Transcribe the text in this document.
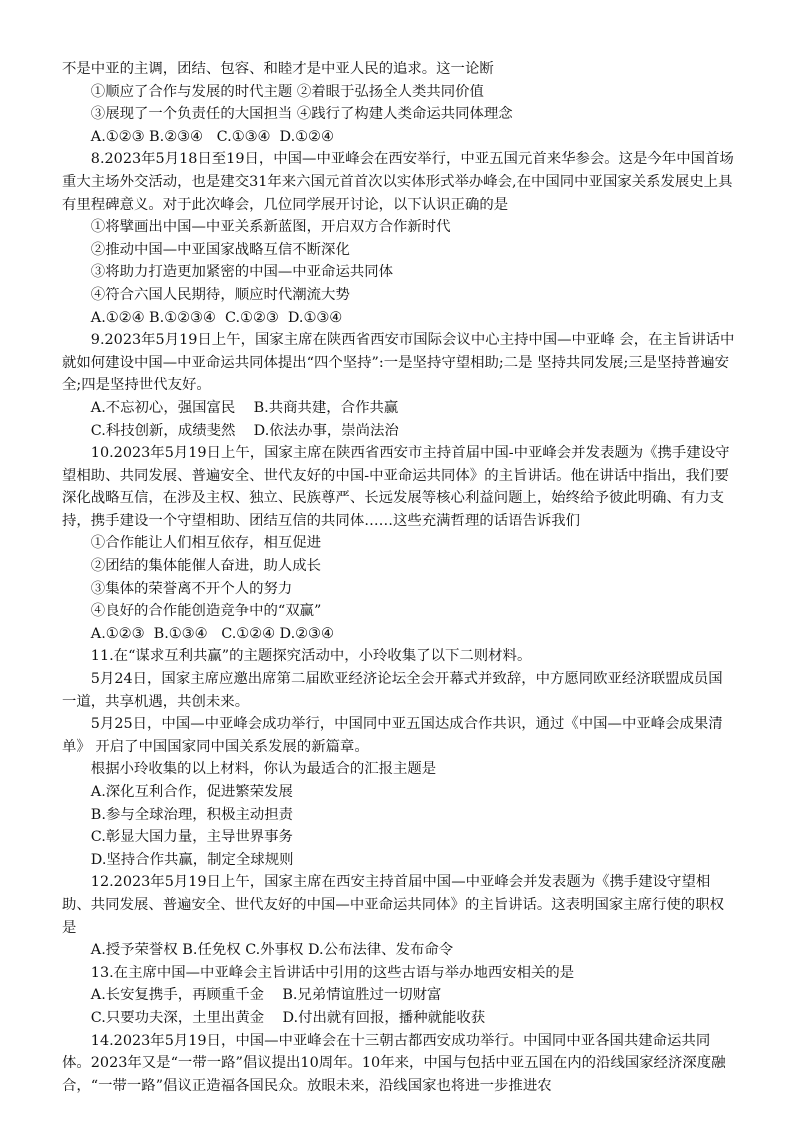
不是中亚的主调，团结、包容、和睦才是中亚人民的追求。这一论断

①顺应了合作与发展的时代主题 ②着眼于弘扬全人类共同价值

③展现了一个负责任的大国担当 ④践行了构建人类命运共同体理念

A.①②③ B.②③④   C.①③④  D.①②④

8.2023年5月18日至19日，中国—中亚峰会在西安举行，中亚五国元首来华参会。这是今年中国首场重大主场外交活动，也是建交31年来六国元首首次以实体形式举办峰会,在中国同中亚国家关系发展史上具有里程碑意义。对于此次峰会，几位同学展开讨论，以下认识正确的是

①将擘画出中国—中亚关系新蓝图，开启双方合作新时代

②推动中国—中亚国家战略互信不断深化

③将助力打造更加紧密的中国—中亚命运共同体

④符合六国人民期待，顺应时代潮流大势

A.①②④ B.①②③④  C.①②③  D.①③④

9.2023年5月19日上午，国家主席在陕西省西安市国际会议中心主持中国—中亚峰 会，在主旨讲话中就如何建设中国—中亚命运共同体提出“四个坚持”:一是坚持守望相助;二是 坚持共同发展;三是坚持普遍安全;四是坚持世代友好。

A.不忘初心，强国富民    B.共商共建，合作共赢

C.科技创新，成绩斐然    D.依法办事，崇尚法治

10.2023年5月19日上午，国家主席在陕西省西安市主持首届中国-中亚峰会并发表题为《携手建设守望相助、共同发展、普遍安全、世代友好的中国-中亚命运共同体》的主旨讲话。他在讲话中指出，我们要深化战略互信，在涉及主权、独立、民族尊严、长远发展等核心利益问题上，始终给予彼此明确、有力支持，携手建设一个守望相助、团结互信的共同体……这些充满哲理的话语告诉我们

①合作能让人们相互依存，相互促进

②团结的集体能催人奋进，助人成长

③集体的荣誉离不开个人的努力

④良好的合作能创造竞争中的“双赢”

A.①②③  B.①③④   C.①②④ D.②③④

11.在“谋求互利共赢”的主题探究活动中，小玲收集了以下二则材料。

5月24日，国家主席应邀出席第二届欧亚经济论坛全会开幕式并致辞，中方愿同欧亚经济联盟成员国一道，共享机遇，共创未来。

5月25日，中国—中亚峰会成功举行，中国同中亚五国达成合作共识，通过《中国—中亚峰会成果清单》 开启了中国国家同中国关系发展的新篇章。

根据小玲收集的以上材料，你认为最适合的汇报主题是

A.深化互利合作，促进繁荣发展

B.参与全球治理，积极主动担责

C.彰显大国力量，主导世界事务

D.坚持合作共赢，制定全球规则

12.2023年5月19日上午，国家主席在西安主持首届中国—中亚峰会并发表题为《携手建设守望相助、共同发展、普遍安全、世代友好的中国—中亚命运共同体》的主旨讲话。这表明国家主席行使的职权是

A.授予荣誉权 B.任免权 C.外事权 D.公布法律、发布命令

13.在主席中国—中亚峰会主旨讲话中引用的这些古语与举办地西安相关的是

A.长安复携手，再顾重千金    B.兄弟情谊胜过一切财富

C.只要功夫深，土里出黄金    D.付出就有回报，播种就能收获

14.2023年5月19日，中国—中亚峰会在十三朝古都西安成功举行。中国同中亚各国共建命运共同体。2023年又是“一带一路”倡议提出10周年。10年来，中国与包括中亚五国在内的沿线国家经济深度融合，“一带一路”倡议正造福各国民众。放眼未来，沿线国家也将进一步推进农
